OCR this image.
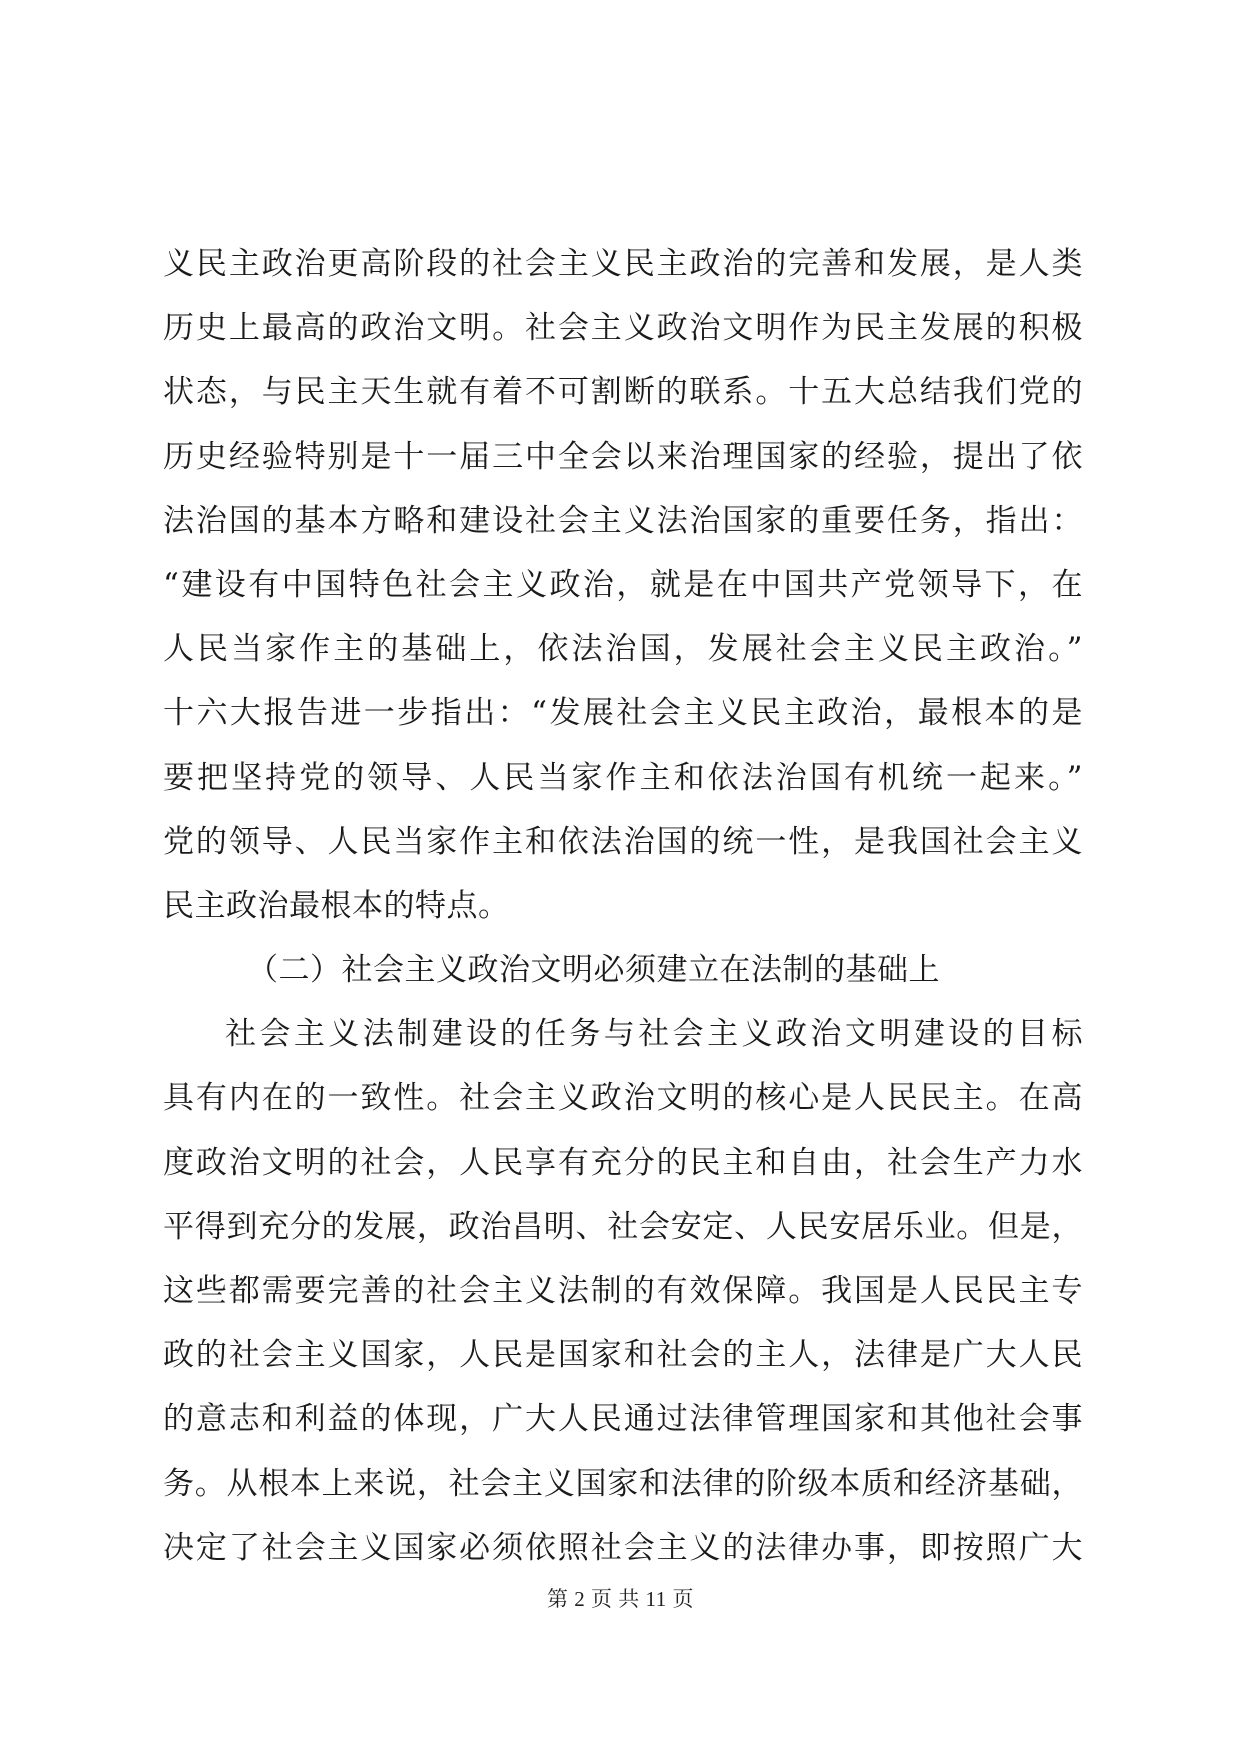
义民主政治更高阶段的社会主义民主政治的完善和发展，是人类
历史上最高的政治文明。社会主义政治文明作为民主发展的积极
状态，与民主天生就有着不可割断的联系。十五大总结我们党的
历史经验特别是十一届三中全会以来治理国家的经验，提出了依
法治国的基本方略和建设社会主义法治国家的重要任务，指出：
“建设有中国特色社会主义政治，就是在中国共产党领导下，在
人民当家作主的基础上，依法治国，发展社会主义民主政治。”
十六大报告进一步指出：“发展社会主义民主政治，最根本的是
要把坚持党的领导、人民当家作主和依法治国有机统一起来。”
党的领导、人民当家作主和依法治国的统一性，是我国社会主义
民主政治最根本的特点。
（二）社会主义政治文明必须建立在法制的基础上
社会主义法制建设的任务与社会主义政治文明建设的目标
具有内在的一致性。社会主义政治文明的核心是人民民主。在高
度政治文明的社会，人民享有充分的民主和自由，社会生产力水
平得到充分的发展，政治昌明、社会安定、人民安居乐业。但是，
这些都需要完善的社会主义法制的有效保障。我国是人民民主专
政的社会主义国家，人民是国家和社会的主人，法律是广大人民
的意志和利益的体现，广大人民通过法律管理国家和其他社会事
务。从根本上来说，社会主义国家和法律的阶级本质和经济基础，
决定了社会主义国家必须依照社会主义的法律办事，即按照广大
第 2 页 共 11 页
